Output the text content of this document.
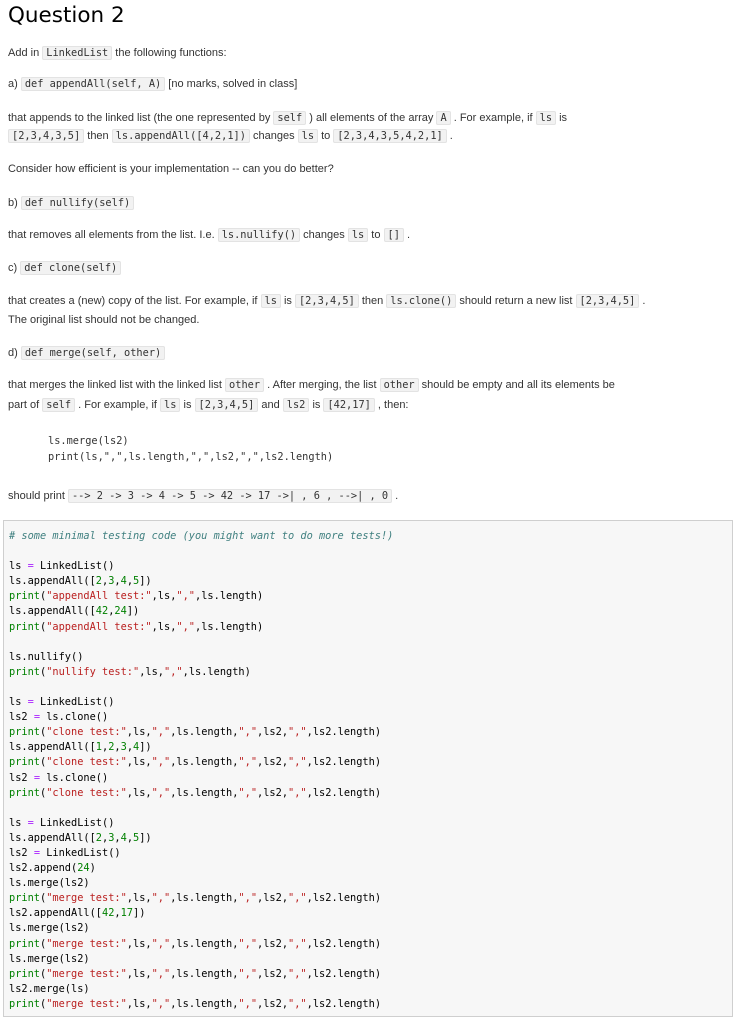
Question 2
Add in LinkedList the following functions:
a) def appendAll(self, A) [no marks, solved in class]
that appends to the linked list (the one represented by self ) all elements of the array A . For example, if ls is
[2,3,4,3,5] then ls.appendAll([4,2,1]) changes ls to [2,3,4,3,5,4,2,1] .
Consider how efficient is your implementation -- can you do better?
b) def nullify(self)
that removes all elements from the list. I.e. ls.nullify() changes ls to [] .
c) def clone(self)
that creates a (new) copy of the list. For example, if ls is [2,3,4,5] then ls.clone() should return a new list [2,3,4,5] .
The original list should not be changed.
d) def merge(self, other)
that merges the linked list with the linked list other . After merging, the list other should be empty and all its elements be
part of self . For example, if ls is [2,3,4,5] and ls2 is [42,17] , then:
ls.merge(ls2)
print(ls,",",ls.length,",",ls2,",",ls2.length)
should print --> 2 -> 3 -> 4 -> 5 -> 42 -> 17 ->| , 6 , -->| , 0 .
# some minimal testing code (you might want to do more tests!)
ls = LinkedList()
ls.appendAll([2,3,4,5])
print("appendAll test:",ls,",",ls.length)
ls.appendAll([42,24])
print("appendAll test:",ls,",",ls.length)
ls.nullify()
print("nullify test:",ls,",",ls.length)
ls = LinkedList()
ls2 = ls.clone()
print("clone test:",ls,",",ls.length,",",ls2,",",ls2.length)
ls.appendAll([1,2,3,4])
print("clone test:",ls,",",ls.length,",",ls2,",",ls2.length)
ls2 = ls.clone()
print("clone test:",ls,",",ls.length,",",ls2,",",ls2.length)
ls = LinkedList()
ls.appendAll([2,3,4,5])
ls2 = LinkedList()
ls2.append(24)
ls.merge(ls2)
print("merge test:",ls,",",ls.length,",",ls2,",",ls2.length)
ls2.appendAll([42,17])
ls.merge(ls2)
print("merge test:",ls,",",ls.length,",",ls2,",",ls2.length)
ls.merge(ls2)
print("merge test:",ls,",",ls.length,",",ls2,",",ls2.length)
ls2.merge(ls)
print("merge test:",ls,",",ls.length,",",ls2,",",ls2.length)
